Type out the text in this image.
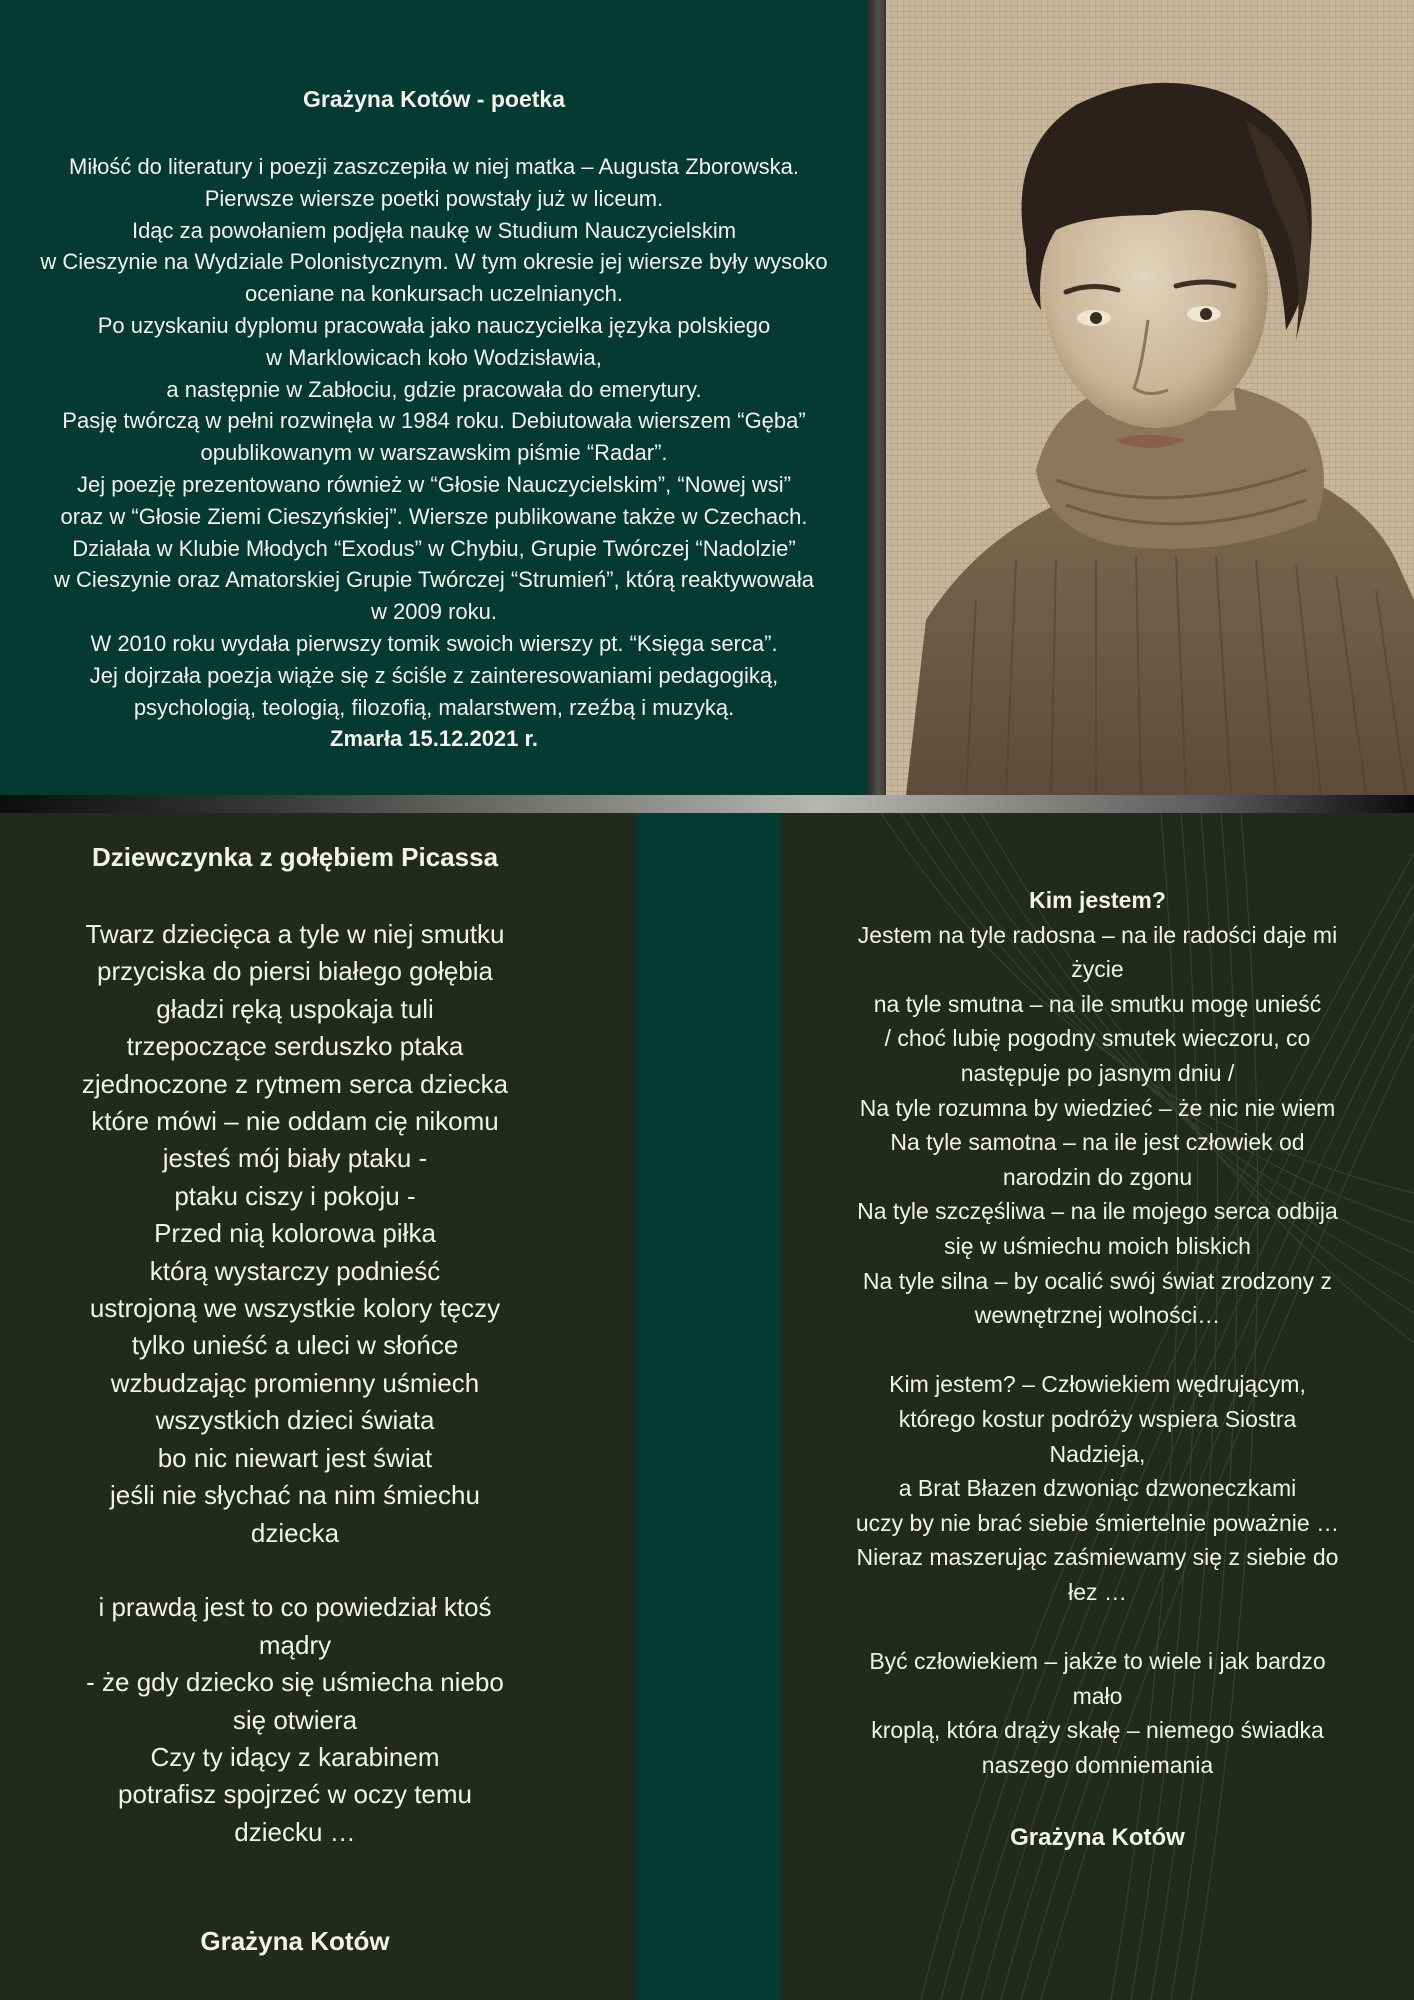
Grażyna Kotów - poetka
Miłość do literatury i poezji zaszczepiła w niej matka – Augusta Zborowska.
Pierwsze wiersze poetki powstały już w liceum.
Idąc za powołaniem podjęła naukę w Studium Nauczycielskim
w Cieszynie na Wydziale Polonistycznym. W tym okresie jej wiersze były wysoko
oceniane na konkursach uczelnianych.
Po uzyskaniu dyplomu pracowała jako nauczycielka języka polskiego
w Marklowicach koło Wodzisławia,
a następnie w Zabłociu, gdzie pracowała do emerytury.
Pasję twórczą w pełni rozwinęła w 1984 roku. Debiutowała wierszem “Gęba”
opublikowanym w warszawskim piśmie “Radar”.
Jej poezję prezentowano również w “Głosie Nauczycielskim”, “Nowej wsi”
oraz w “Głosie Ziemi Cieszyńskiej”. Wiersze publikowane także w Czechach.
Działała w Klubie Młodych “Exodus” w Chybiu, Grupie Twórczej “Nadolzie”
w Cieszynie oraz Amatorskiej Grupie Twórczej “Strumień”, którą reaktywowała
w 2009 roku.
W 2010 roku wydała pierwszy tomik swoich wierszy pt. “Księga serca”.
Jej dojrzała poezja wiąże się z ściśle z zainteresowaniami pedagogiką,
psychologią, teologią, filozofią, malarstwem, rzeźbą i muzyką.
Zmarła 15.12.2021 r.
Dziewczynka z gołębiem Picassa
Twarz dziecięca a tyle w niej smutku
przyciska do piersi białego gołębia
gładzi ręką uspokaja tuli
trzepoczące serduszko ptaka
zjednoczone z rytmem serca dziecka
które mówi – nie oddam cię nikomu
jesteś mój biały ptaku -
ptaku ciszy i pokoju -
Przed nią kolorowa piłka
którą wystarczy podnieść
ustrojoną we wszystkie kolory tęczy
tylko unieść a uleci w słońce
wzbudzając promienny uśmiech
wszystkich dzieci świata
bo nic niewart jest świat
jeśli nie słychać na nim śmiechu
dziecka
i prawdą jest to co powiedział ktoś
mądry
- że gdy dziecko się uśmiecha niebo
się otwiera
Czy ty idący z karabinem
potrafisz spojrzeć w oczy temu
dziecku …
Grażyna Kotów
Kim jestem?
Jestem na tyle radosna – na ile radości daje mi
życie
na tyle smutna – na ile smutku mogę unieść
/ choć lubię pogodny smutek wieczoru, co
następuje po jasnym dniu /
Na tyle rozumna by wiedzieć – że nic nie wiem
Na tyle samotna – na ile jest człowiek od
narodzin do zgonu
Na tyle szczęśliwa – na ile mojego serca odbija
się w uśmiechu moich bliskich
Na tyle silna – by ocalić swój świat zrodzony z
wewnętrznej wolności…
Kim jestem? – Człowiekiem wędrującym,
którego kostur podróży wspiera Siostra
Nadzieja,
a Brat Błazen dzwoniąc dzwoneczkami
uczy by nie brać siebie śmiertelnie poważnie …
Nieraz maszerując zaśmiewamy się z siebie do
łez …
Być człowiekiem – jakże to wiele i jak bardzo
mało
kroplą, która drąży skałę – niemego świadka
naszego domniemania
Grażyna Kotów
